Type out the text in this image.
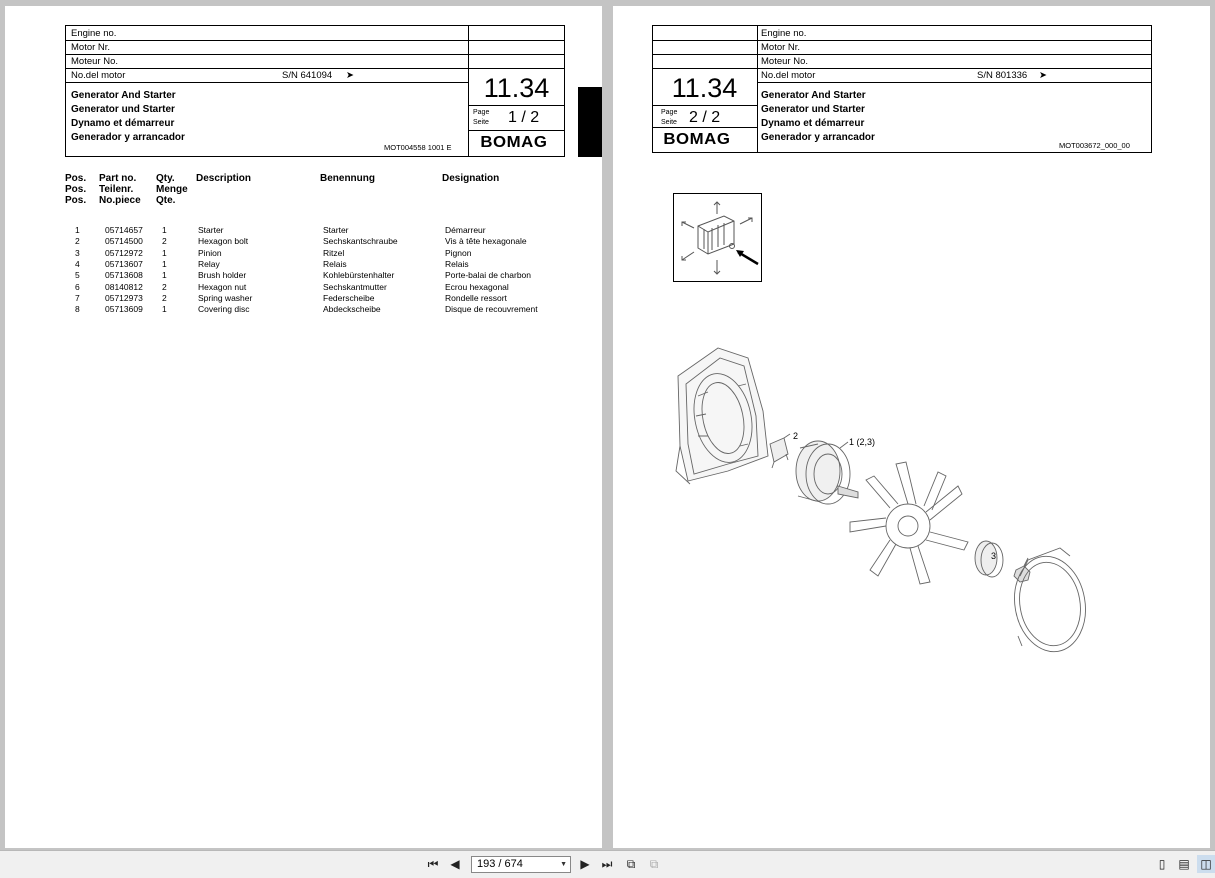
Engine no.
Motor Nr.
Moteur No.
No.del motor	S/N 641094 ➤
Generator And Starter
Generator und Starter
Dynamo et démarreur
Generador y arrancador
11.34
Page
Seite 1 / 2
MOT004558 1001 E BOMAG
Pos.
Pos.
Pos.
Part no.
Teilenr.
No.piece
Qty.
Menge
Qte.
Description	Benennung	Designation
1	05714657 1	Starter	Starter	Démarreur
2	05714500 2	Hexagon bolt	Sechskantschraube	Vis à tête hexagonale
3	05712972 1	Pinion	Ritzel	Pignon
4	05713607 1	Relay	Relais	Relais
5	05713608 1	Brush holder	Kohlebürstenhalter	Porte-balai de charbon
6	08140812 2	Hexagon nut	Sechskantmutter	Ecrou hexagonal
7	05712973 2	Spring washer	Federscheibe	Rondelle ressort
8	05713609 1	Covering disc	Abdeckscheibe	Disque de recouvrement
Engine no.
Motor Nr.
Moteur No.
No.del motor	S/N 801336 ➤
Generator And Starter
Generator und Starter
Dynamo et démarreur
Generador y arrancador
11.34
Page
Seite 2 / 2
BOMAG	MOT003672_000_00
2
1 (2,3)
3
⏮ ◀	193 / 674	▼	▶ ⏭	⧉	⧉	▯	▤ ◫
